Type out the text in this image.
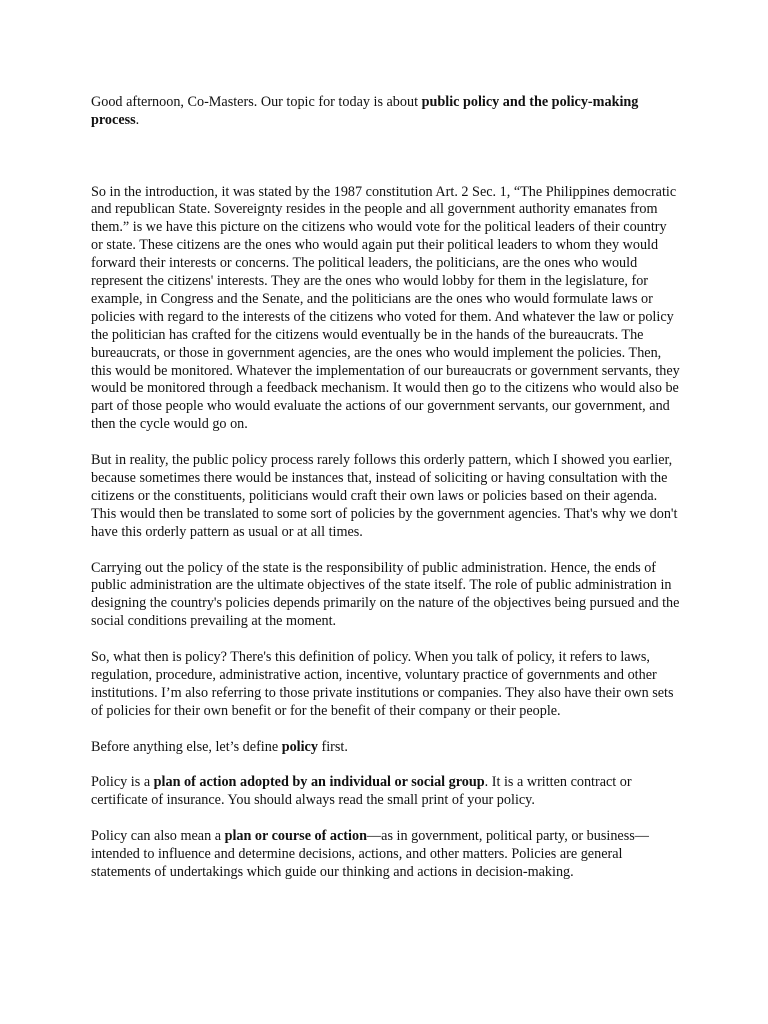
Good afternoon, Co-Masters. Our topic for today is about public policy and the policy-making process.

So in the introduction, it was stated by the 1987 constitution Art. 2 Sec. 1, “The Philippines democratic and republican State. Sovereignty resides in the people and all government authority emanates from them.” is we have this picture on the citizens who would vote for the political leaders of their country or state. These citizens are the ones who would again put their political leaders to whom they would forward their interests or concerns. The political leaders, the politicians, are the ones who would represent the citizens' interests. They are the ones who would lobby for them in the legislature, for example, in Congress and the Senate, and the politicians are the ones who would formulate laws or policies with regard to the interests of the citizens who voted for them. And whatever the law or policy the politician has crafted for the citizens would eventually be in the hands of the bureaucrats. The bureaucrats, or those in government agencies, are the ones who would implement the policies. Then, this would be monitored. Whatever the implementation of our bureaucrats or government servants, they would be monitored through a feedback mechanism. It would then go to the citizens who would also be part of those people who would evaluate the actions of our government servants, our government, and then the cycle would go on.

But in reality, the public policy process rarely follows this orderly pattern, which I showed you earlier, because sometimes there would be instances that, instead of soliciting or having consultation with the citizens or the constituents, politicians would craft their own laws or policies based on their agenda. This would then be translated to some sort of policies by the government agencies. That's why we don't have this orderly pattern as usual or at all times.

Carrying out the policy of the state is the responsibility of public administration. Hence, the ends of public administration are the ultimate objectives of the state itself. The role of public administration in designing the country's policies depends primarily on the nature of the objectives being pursued and the social conditions prevailing at the moment.

So, what then is policy? There's this definition of policy. When you talk of policy, it refers to laws, regulation, procedure, administrative action, incentive, voluntary practice of governments and other institutions. I’m also referring to those private institutions or companies. They also have their own sets of policies for their own benefit or for the benefit of their company or their people.

Before anything else, let’s define policy first.

Policy is a plan of action adopted by an individual or social group. It is a written contract or certificate of insurance. You should always read the small print of your policy.

Policy can also mean a plan or course of action—as in government, political party, or business—intended to influence and determine decisions, actions, and other matters. Policies are general statements of undertakings which guide our thinking and actions in decision-making.
